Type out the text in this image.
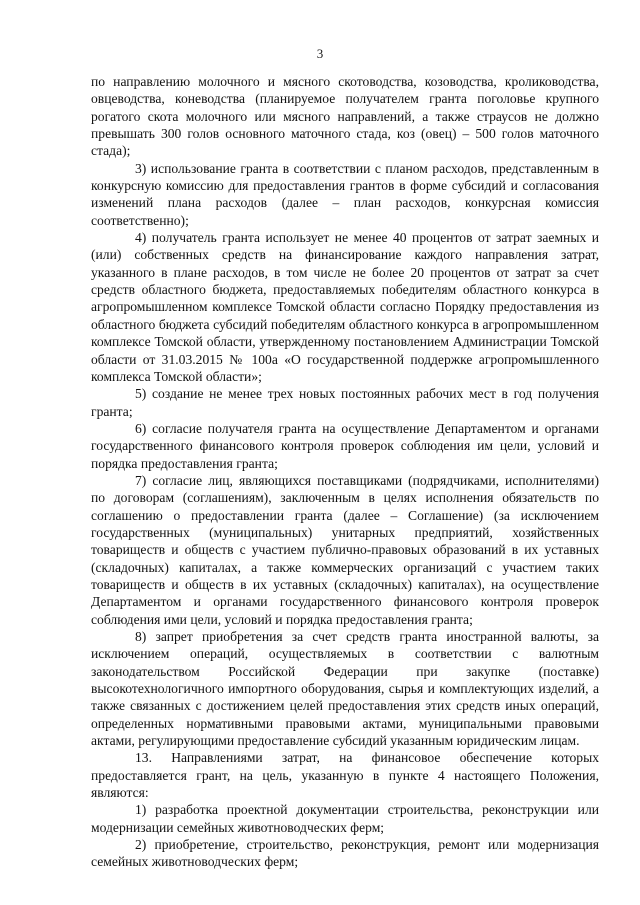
3

по направлению молочного и мясного скотоводства, козоводства, кролиководства, овцеводства, коневодства (планируемое получателем гранта поголовье крупного рогатого скота молочного или мясного направлений, а также страусов не должно превышать 300 голов основного маточного стада, коз (овец) – 500 голов маточного стада);

3) использование гранта в соответствии с планом расходов, представленным в конкурсную комиссию для предоставления грантов в форме субсидий и согласования изменений плана расходов (далее – план расходов, конкурсная комиссия соответственно);

4) получатель гранта использует не менее 40 процентов от затрат заемных и (или) собственных средств на финансирование каждого направления затрат, указанного в плане расходов, в том числе не более 20 процентов от затрат за счет средств областного бюджета, предоставляемых победителям областного конкурса в агропромышленном комплексе Томской области согласно Порядку предоставления из областного бюджета субсидий победителям областного конкурса в агропромышленном комплексе Томской области, утвержденному постановлением Администрации Томской области от 31.03.2015 № 100а «О государственной поддержке агропромышленного комплекса Томской области»;

5) создание не менее трех новых постоянных рабочих мест в год получения гранта;

6) согласие получателя гранта на осуществление Департаментом и органами государственного финансового контроля проверок соблюдения им цели, условий и порядка предоставления гранта;

7) согласие лиц, являющихся поставщиками (подрядчиками, исполнителями) по договорам (соглашениям), заключенным в целях исполнения обязательств по соглашению о предоставлении гранта (далее – Соглашение) (за исключением государственных (муниципальных) унитарных предприятий, хозяйственных товариществ и обществ с участием публично-правовых образований в их уставных (складочных) капиталах, а также коммерческих организаций с участием таких товариществ и обществ в их уставных (складочных) капиталах), на осуществление Департаментом и органами государственного финансового контроля проверок соблюдения ими цели, условий и порядка предоставления гранта;

8) запрет приобретения за счет средств гранта иностранной валюты, за исключением операций, осуществляемых в соответствии с валютным законодательством Российской Федерации при закупке (поставке) высокотехнологичного импортного оборудования, сырья и комплектующих изделий, а также связанных с достижением целей предоставления этих средств иных операций, определенных нормативными правовыми актами, муниципальными правовыми актами, регулирующими предоставление субсидий указанным юридическим лицам.

13. Направлениями затрат, на финансовое обеспечение которых предоставляется грант, на цель, указанную в пункте 4 настоящего Положения, являются:

1) разработка проектной документации строительства, реконструкции или модернизации семейных животноводческих ферм;

2) приобретение, строительство, реконструкция, ремонт или модернизация семейных животноводческих ферм;
